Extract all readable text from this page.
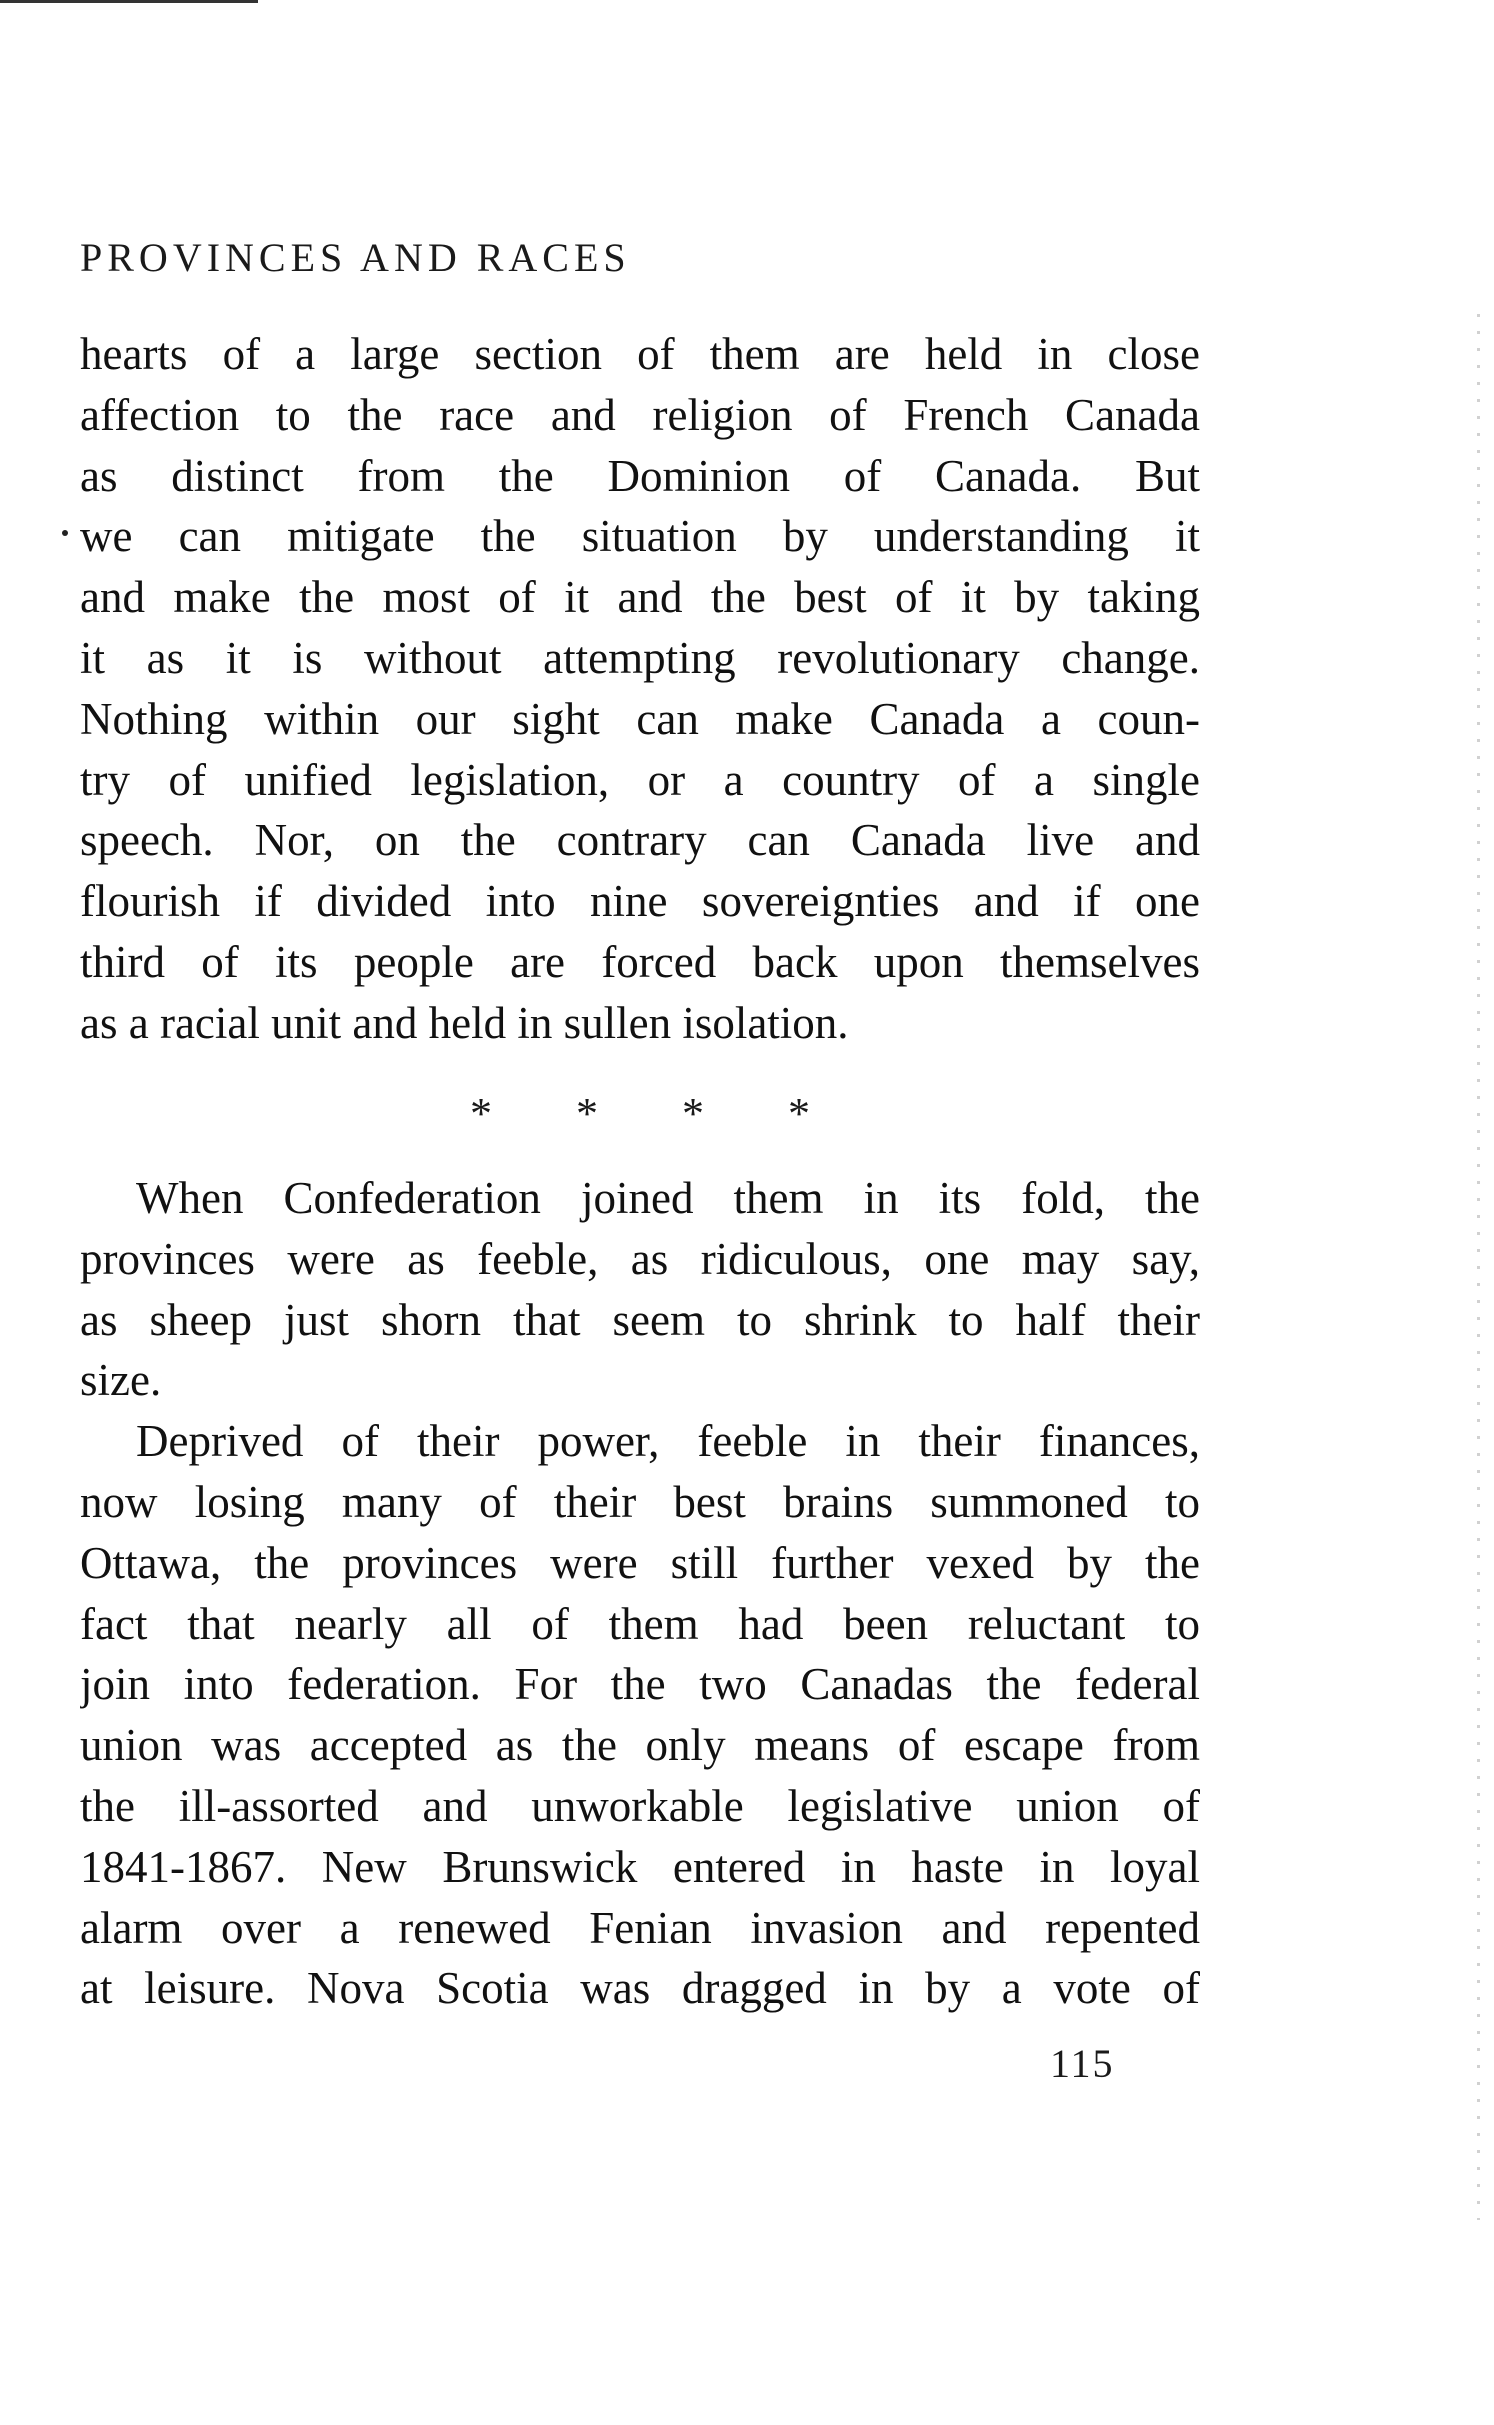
PROVINCES AND RACES
hearts of a large section of them are held in close
affection to the race and religion of French Canada
as distinct from the Dominion of Canada. But
we can mitigate the situation by understanding it
and make the most of it and the best of it by taking
it as it is without attempting revolutionary change.
Nothing within our sight can make Canada a coun-
try of unified legislation, or a country of a single
speech. Nor, on the contrary can Canada live and
flourish if divided into nine sovereignties and if one
third of its people are forced back upon themselves
as a racial unit and held in sullen isolation.
* * * *
When Confederation joined them in its fold, the
provinces were as feeble, as ridiculous, one may say,
as sheep just shorn that seem to shrink to half their
size.
Deprived of their power, feeble in their finances,
now losing many of their best brains summoned to
Ottawa, the provinces were still further vexed by the
fact that nearly all of them had been reluctant to
join into federation. For the two Canadas the federal
union was accepted as the only means of escape from
the ill-assorted and unworkable legislative union of
1841-1867. New Brunswick entered in haste in loyal
alarm over a renewed Fenian invasion and repented
at leisure. Nova Scotia was dragged in by a vote of
115
